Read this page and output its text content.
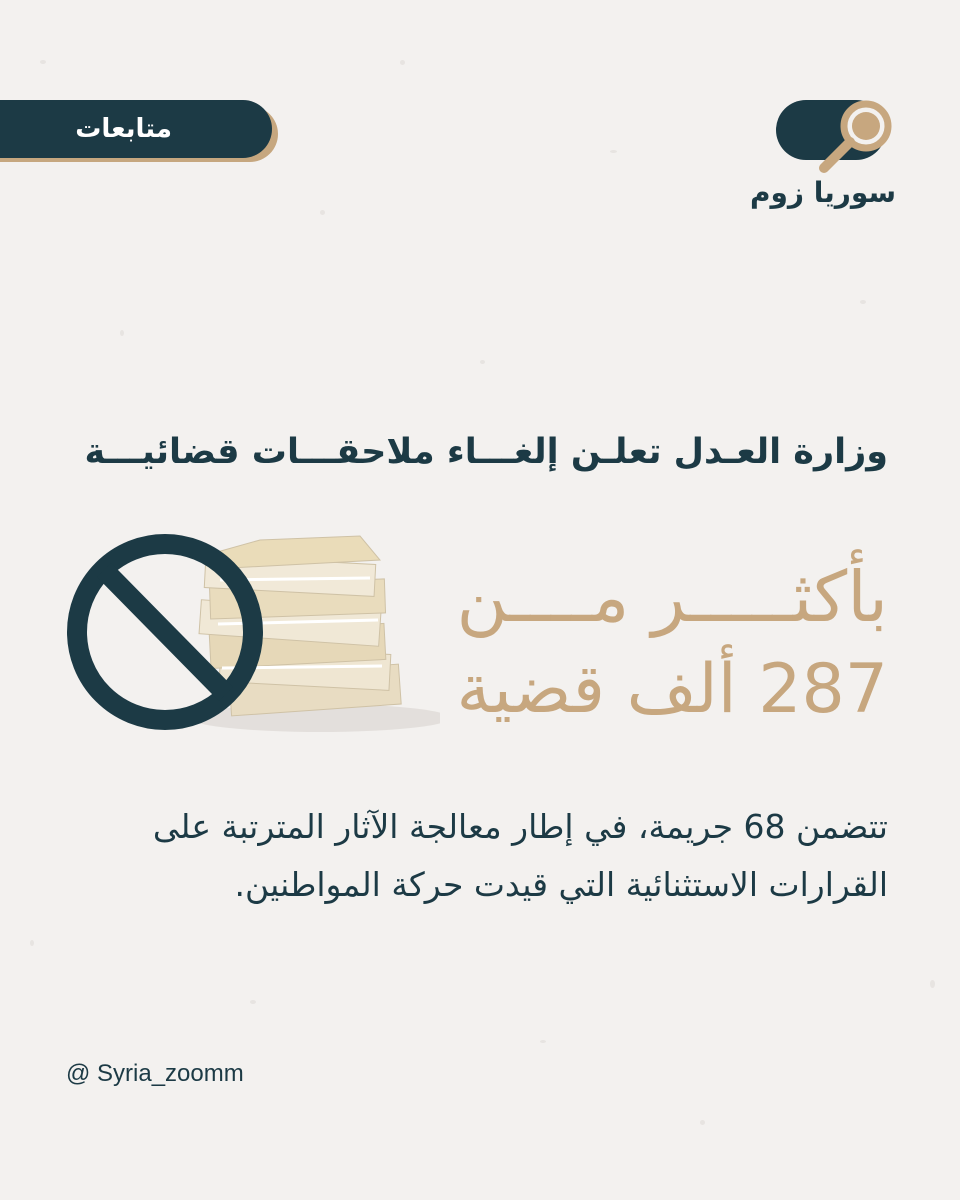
متابعات
سوريا زوم
وزارة العـدل تعلـن إلغـــاء ملاحقـــات قضائيـــة
بأكثـــــر مــــن
287 ألف قضية
تتضمن 68 جريمة، في إطار معالجة الآثار المترتبة على
القرارات الاستثنائية التي قيدت حركة المواطنين.
@ Syria_zoomm
